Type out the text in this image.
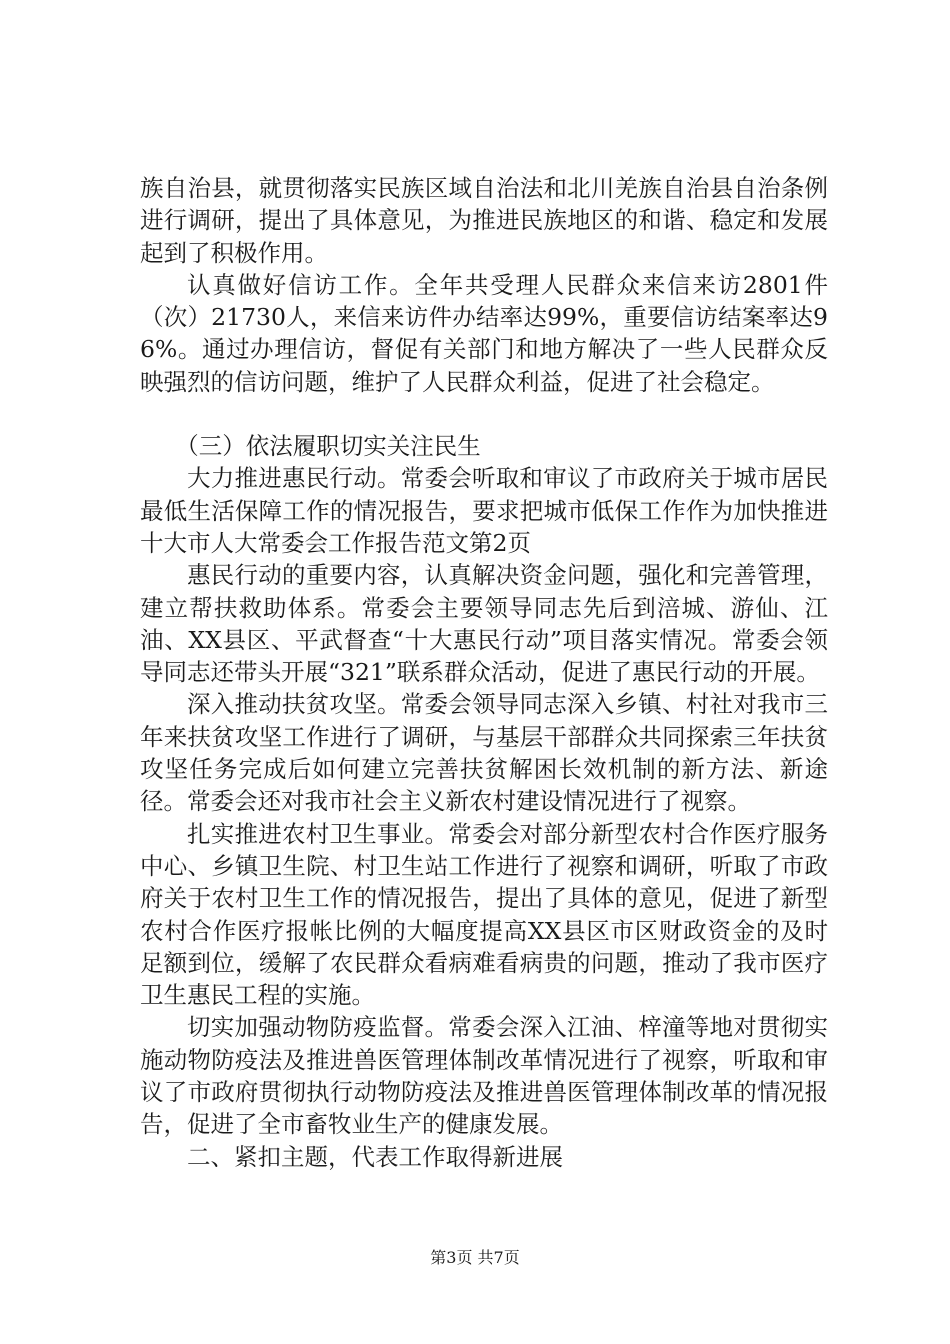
族自治县，就贯彻落实民族区域自治法和北川羌族自治县自治条例进行调研，提出了具体意见，为推进民族地区的和谐、稳定和发展起到了积极作用。

认真做好信访工作。全年共受理人民群众来信来访2801件（次）21730人，来信来访件办结率达99%，重要信访结案率达96%。通过办理信访，督促有关部门和地方解决了一些人民群众反映强烈的信访问题，维护了人民群众利益，促进了社会稳定。

（三）依法履职切实关注民生

大力推进惠民行动。常委会听取和审议了市政府关于城市居民最低生活保障工作的情况报告，要求把城市低保工作作为加快推进十大市人大常委会工作报告范文第2页

惠民行动的重要内容，认真解决资金问题，强化和完善管理，建立帮扶救助体系。常委会主要领导同志先后到涪城、游仙、江油、XX县区、平武督查“十大惠民行动”项目落实情况。常委会领导同志还带头开展“321”联系群众活动，促进了惠民行动的开展。

深入推动扶贫攻坚。常委会领导同志深入乡镇、村社对我市三年来扶贫攻坚工作进行了调研，与基层干部群众共同探索三年扶贫攻坚任务完成后如何建立完善扶贫解困长效机制的新方法、新途径。常委会还对我市社会主义新农村建设情况进行了视察。

扎实推进农村卫生事业。常委会对部分新型农村合作医疗服务中心、乡镇卫生院、村卫生站工作进行了视察和调研，听取了市政府关于农村卫生工作的情况报告，提出了具体的意见，促进了新型农村合作医疗报帐比例的大幅度提高XX县区市区财政资金的及时足额到位，缓解了农民群众看病难看病贵的问题，推动了我市医疗卫生惠民工程的实施。

切实加强动物防疫监督。常委会深入江油、梓潼等地对贯彻实施动物防疫法及推进兽医管理体制改革情况进行了视察，听取和审议了市政府贯彻执行动物防疫法及推进兽医管理体制改革的情况报告，促进了全市畜牧业生产的健康发展。

二、紧扣主题，代表工作取得新进展

第3页 共7页
